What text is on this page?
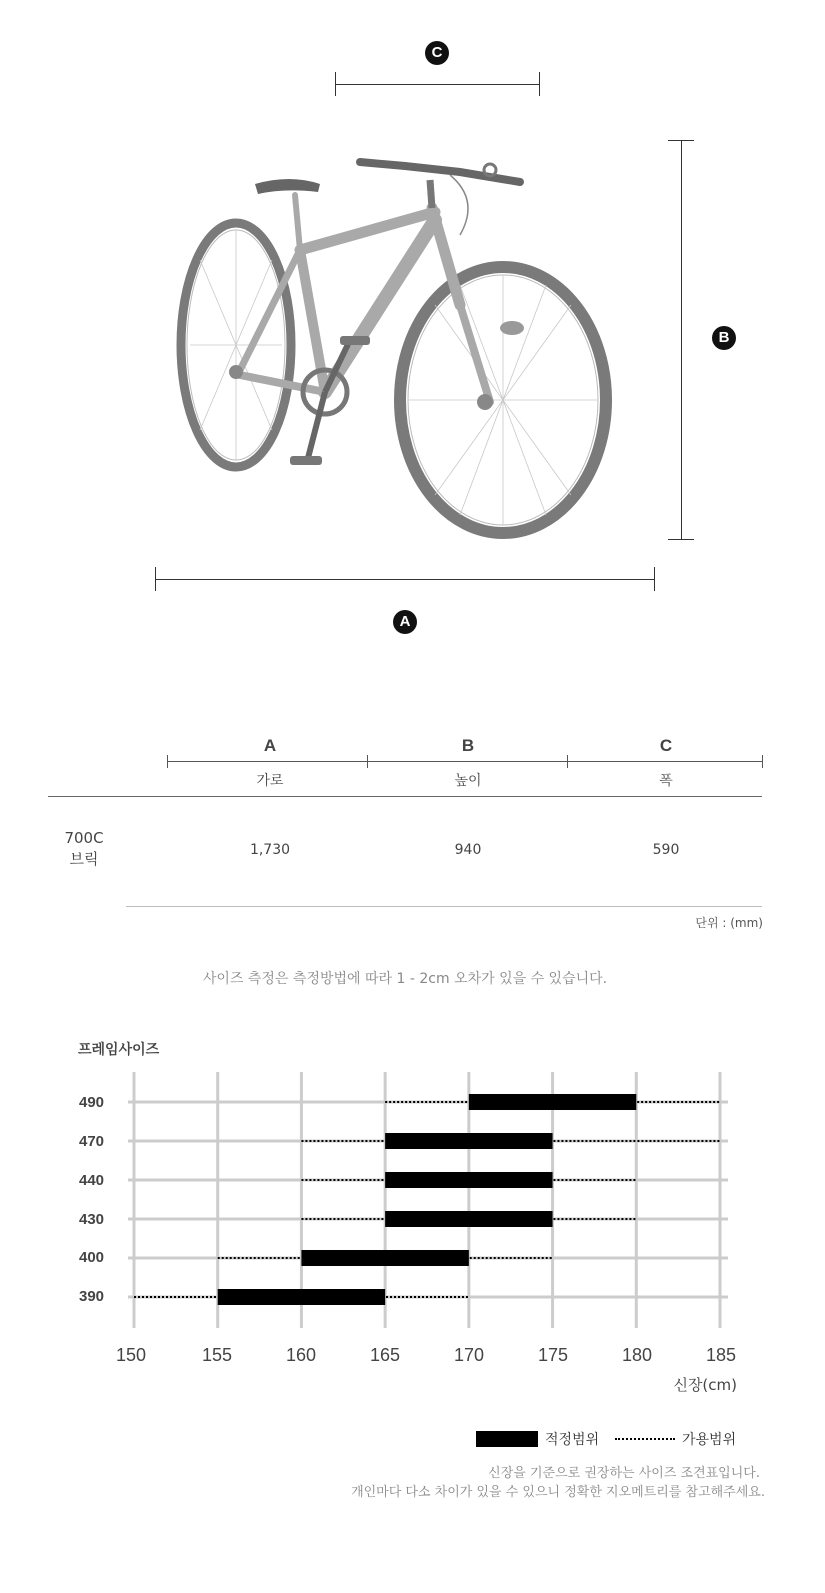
C
B
A
A	B	C
가로	높이	폭
700C
브릭	1,730	940	590
단위 : (mm)
사이즈 측정은 측정방법에 따라 1 - 2cm 오차가 있을 수 있습니다.
프레임사이즈
490
470
440
430
400
390
150	155	160	165	170	175	180	185
신장(cm)
적정범위	가용범위
신장을 기준으로 권장하는 사이즈 조견표입니다.
개인마다 다소 차이가 있을 수 있으니 정확한 지오메트리를 참고해주세요.
